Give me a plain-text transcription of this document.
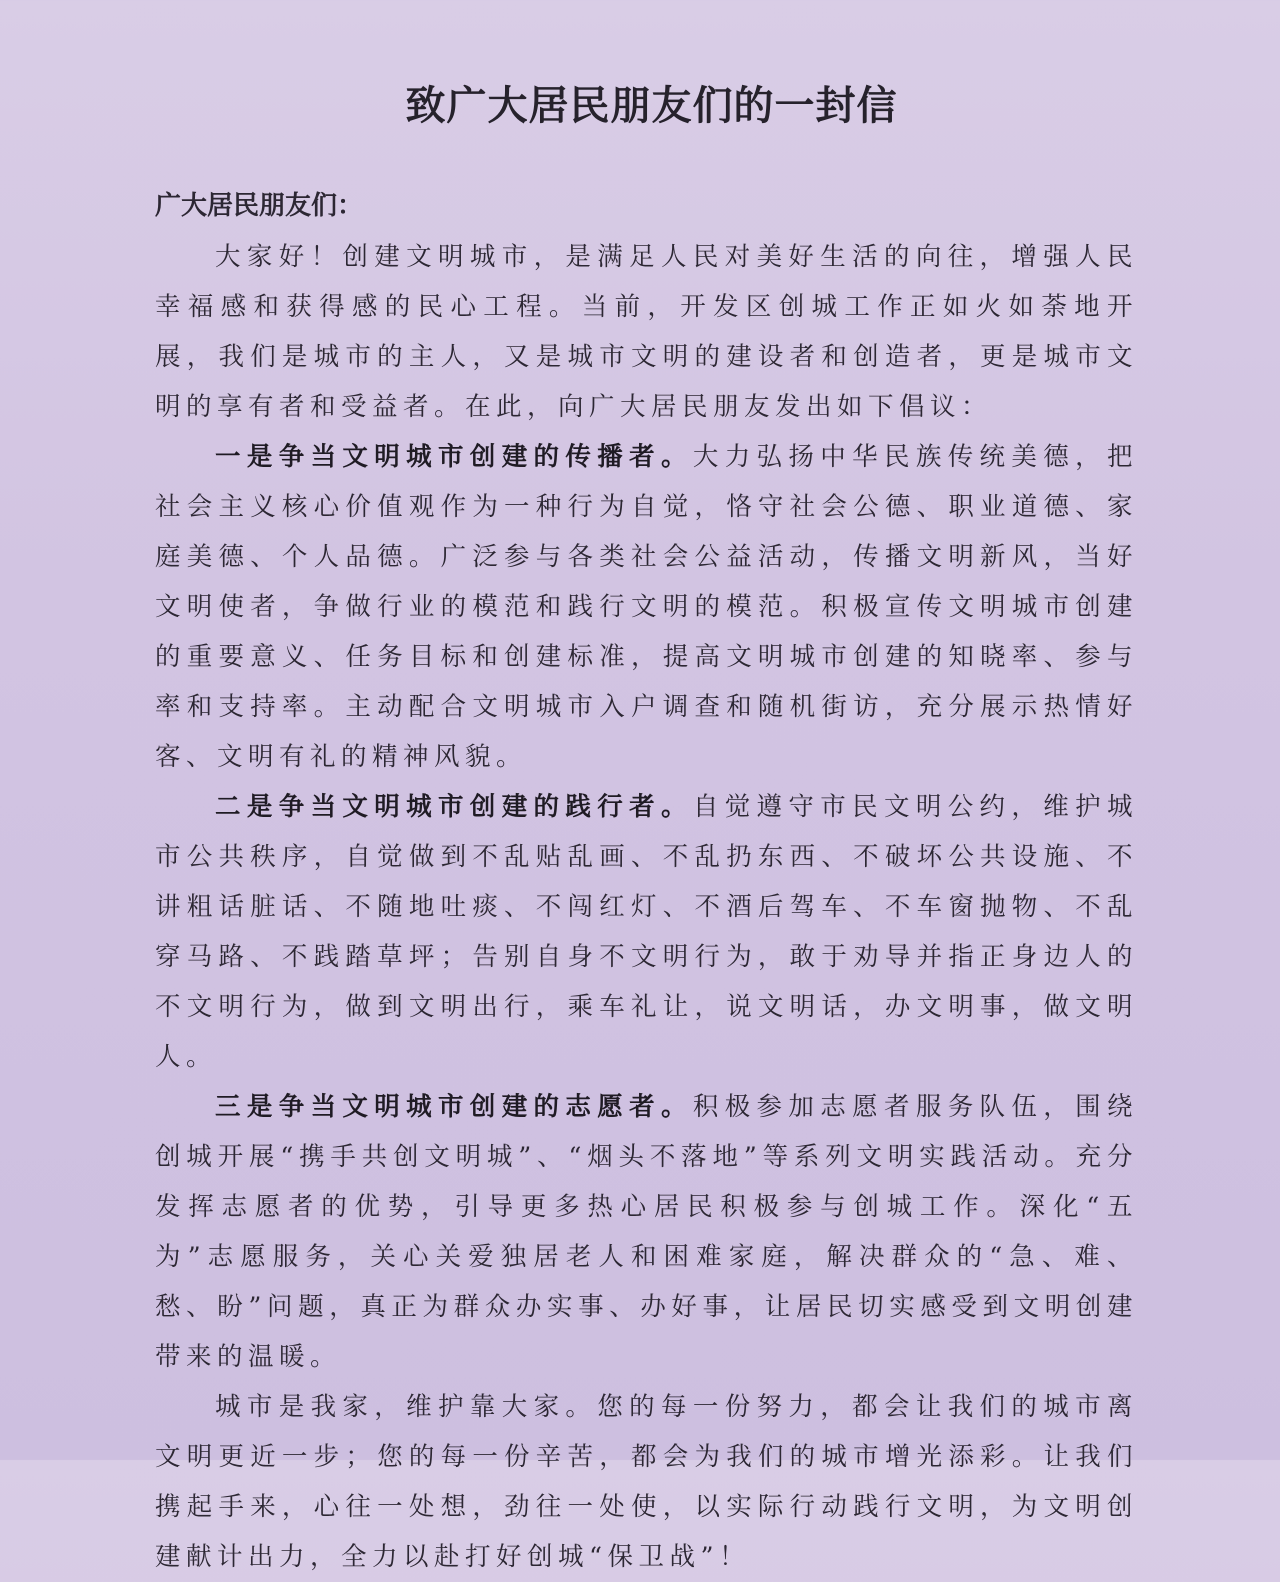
致广大居民朋友们的一封信
广大居民朋友们：

大家好！创建文明城市，是满足人民对美好生活的向往，增强人民幸福感和获得感的民心工程。当前，开发区创城工作正如火如荼地开展，我们是城市的主人，又是城市文明的建设者和创造者，更是城市文明的享有者和受益者。在此，向广大居民朋友发出如下倡议：

一是争当文明城市创建的传播者。大力弘扬中华民族传统美德，把社会主义核心价值观作为一种行为自觉，恪守社会公德、职业道德、家庭美德、个人品德。广泛参与各类社会公益活动，传播文明新风，当好文明使者，争做行业的模范和践行文明的模范。积极宣传文明城市创建的重要意义、任务目标和创建标准，提高文明城市创建的知晓率、参与率和支持率。主动配合文明城市入户调查和随机街访，充分展示热情好客、文明有礼的精神风貌。

二是争当文明城市创建的践行者。自觉遵守市民文明公约，维护城市公共秩序，自觉做到不乱贴乱画、不乱扔东西、不破坏公共设施、不讲粗话脏话、不随地吐痰、不闯红灯、不酒后驾车、不车窗抛物、不乱穿马路、不践踏草坪；告别自身不文明行为，敢于劝导并指正身边人的不文明行为，做到文明出行，乘车礼让，说文明话，办文明事，做文明人。

三是争当文明城市创建的志愿者。积极参加志愿者服务队伍，围绕创城开展“携手共创文明城”、“烟头不落地”等系列文明实践活动。充分发挥志愿者的优势，引导更多热心居民积极参与创城工作。深化“五为”志愿服务，关心关爱独居老人和困难家庭，解决群众的“急、难、愁、盼”问题，真正为群众办实事、办好事，让居民切实感受到文明创建带来的温暖。

城市是我家，维护靠大家。您的每一份努力，都会让我们的城市离文明更近一步；您的每一份辛苦，都会为我们的城市增光添彩。让我们携起手来，心往一处想，劲往一处使，以实际行动践行文明，为文明创建献计出力，全力以赴打好创城“保卫战”！
